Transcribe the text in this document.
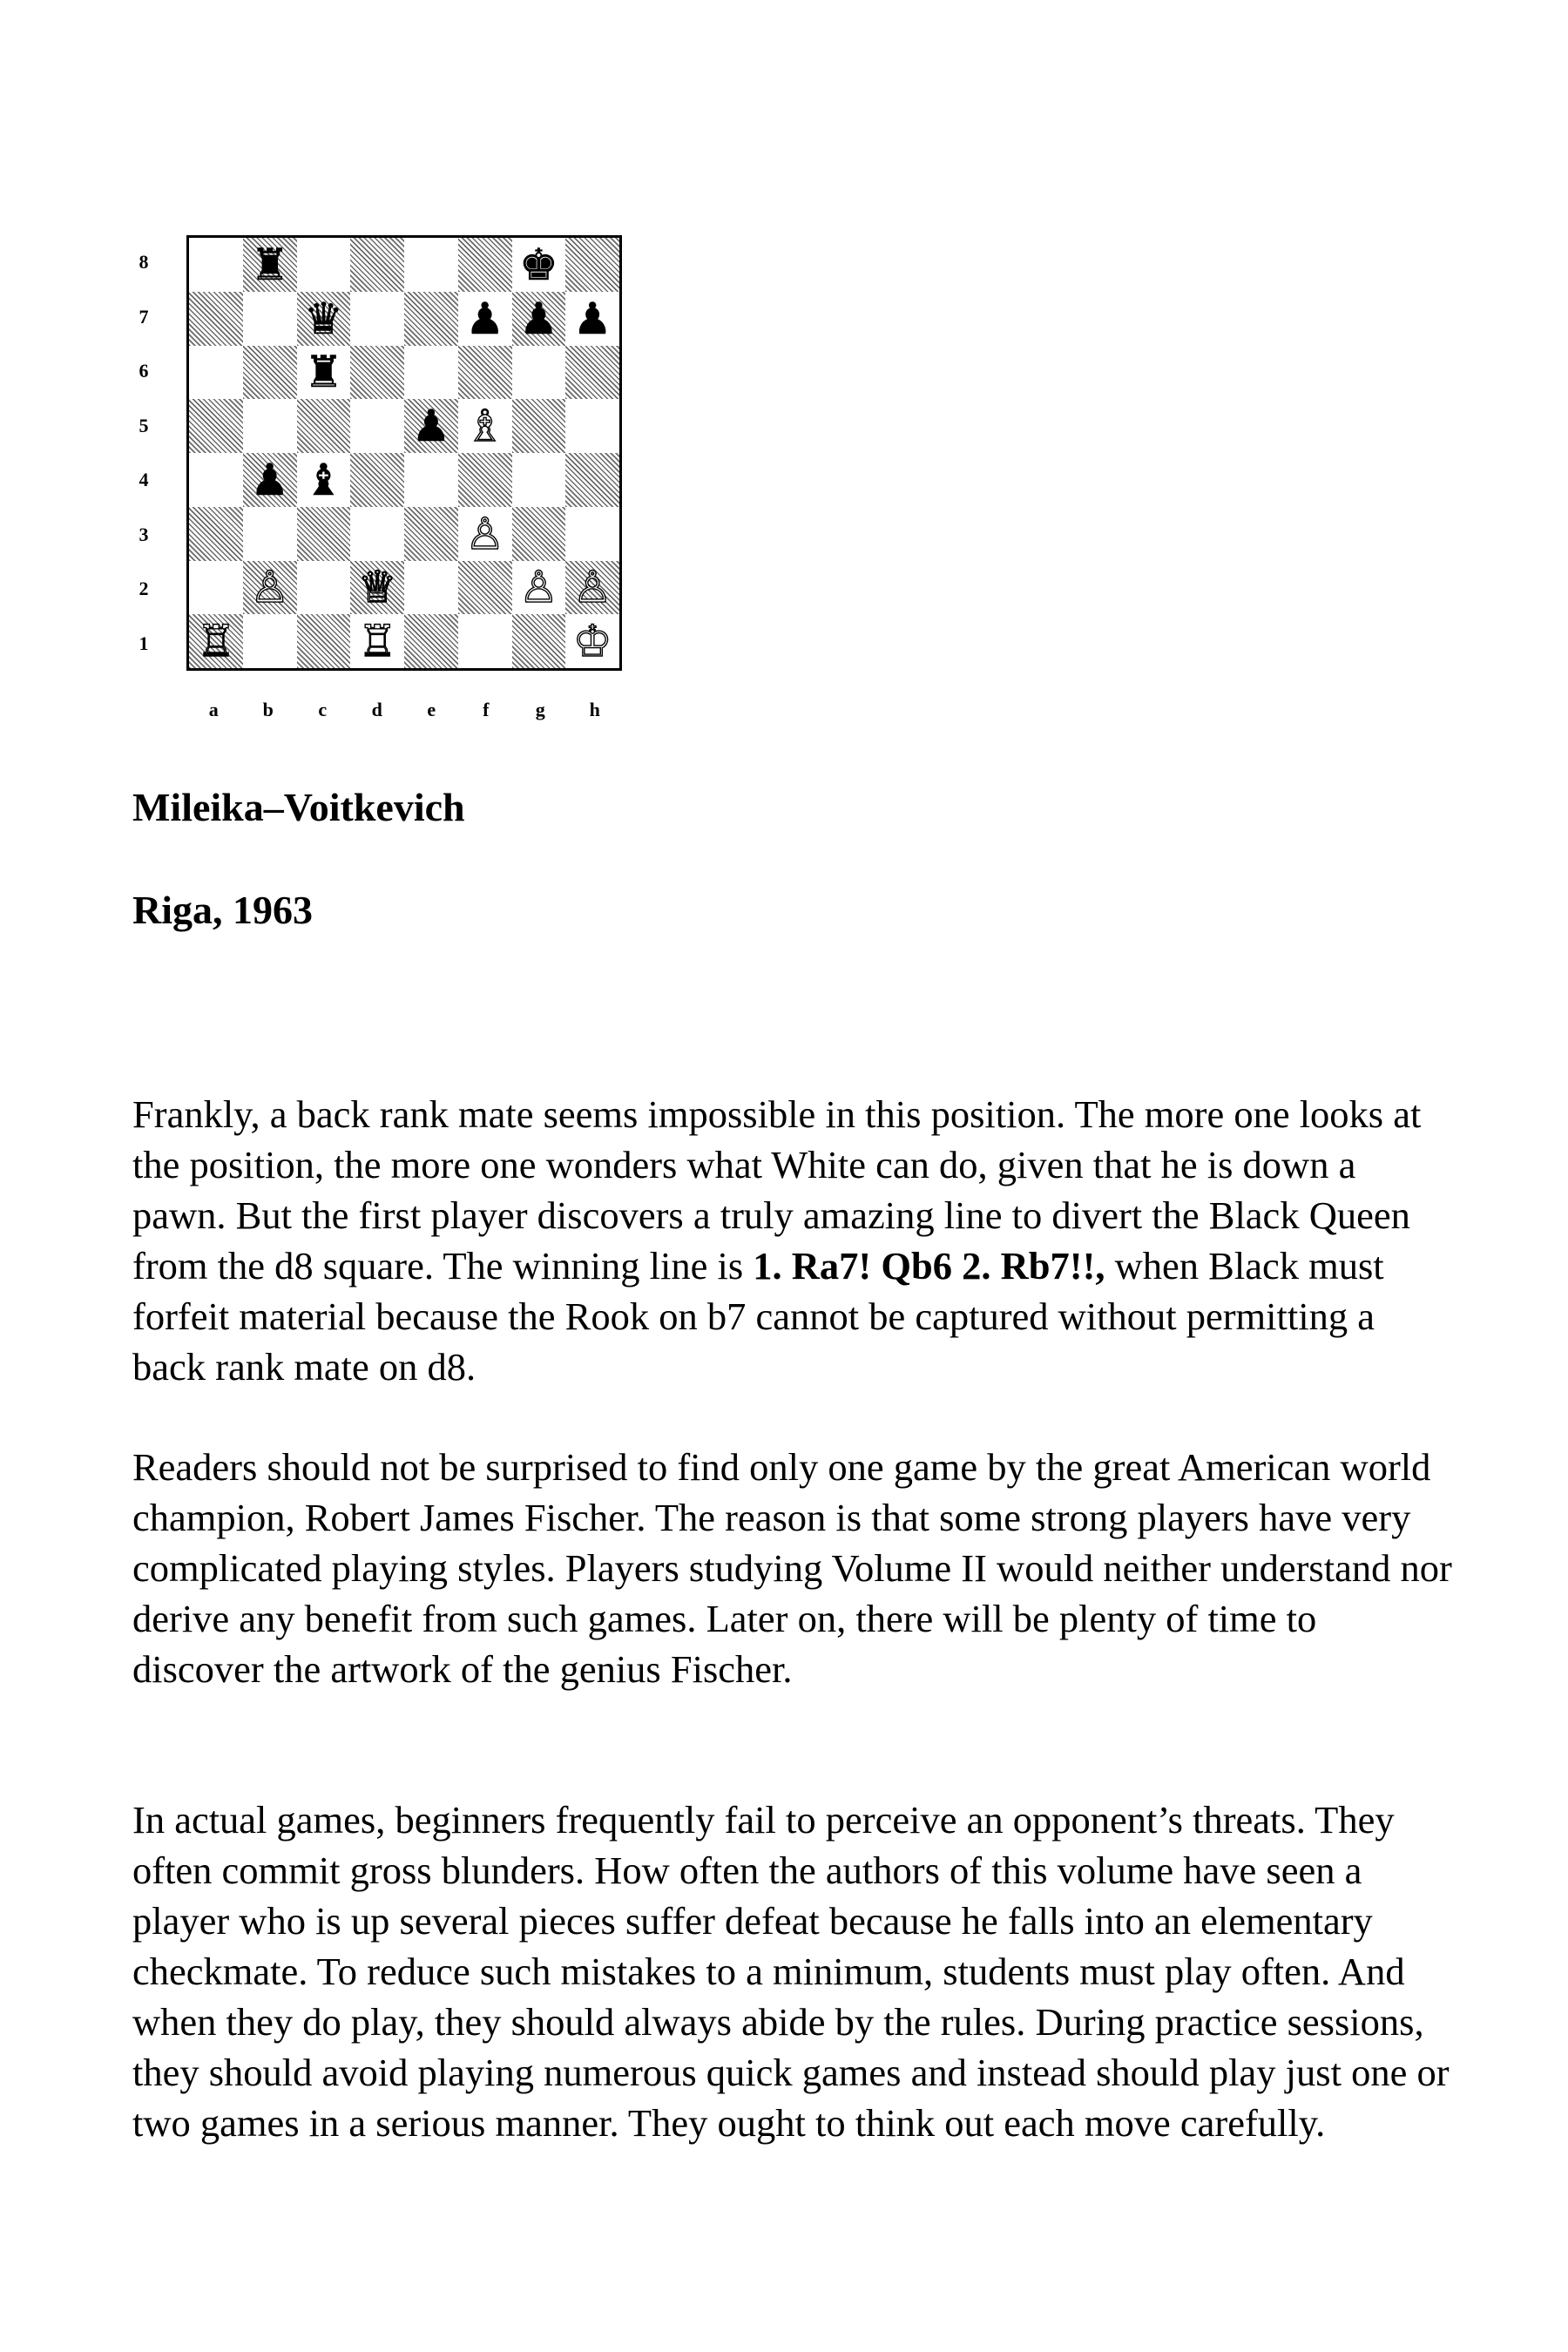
8
7
6
5
4
3
2
1
♜	♚
♛	♟ ♟ ♟
♜
♟ ♗
♟ ♝
♙
♙ ♕	♙ ♙
♖	♖	♔
a	b	c	d	e	f	g	h
Mileika–Voitkevich
Riga, 1963

Frankly, a back rank mate seems impossible in this position. The more one looks at the position, the more one wonders what White can do, given that he is down a pawn. But the first player discovers a truly amazing line to divert the Black Queen from the d8 square. The winning line is 1. Ra7! Qb6 2. Rb7!!, when Black must forfeit material because the Rook on b7 cannot be captured without permitting a back rank mate on d8.

Readers should not be surprised to find only one game by the great American world champion, Robert James Fischer. The reason is that some strong players have very complicated playing styles. Players studying Volume II would neither understand nor derive any benefit from such games. Later on, there will be plenty of time to discover the artwork of the genius Fischer.

In actual games, beginners frequently fail to perceive an opponent’s threats. They often commit gross blunders. How often the authors of this volume have seen a player who is up several pieces suffer defeat because he falls into an elementary checkmate. To reduce such mistakes to a minimum, students must play often. And when they do play, they should always abide by the rules. During practice sessions, they should avoid playing numerous quick games and instead should play just one or two games in a serious manner. They ought to think out each move carefully.
